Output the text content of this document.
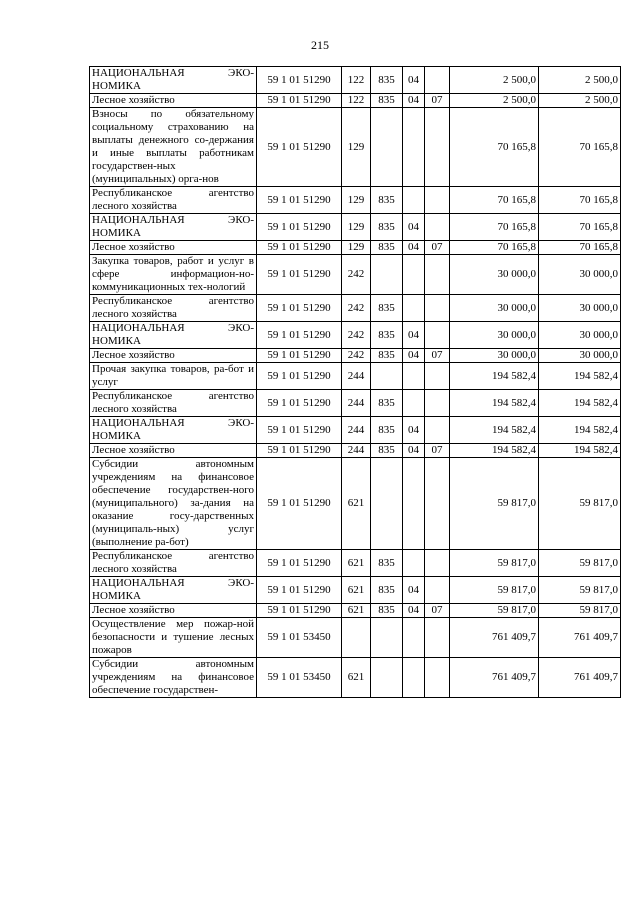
215
НАЦИОНАЛЬНАЯ ЭКО-НОМИКА	59 1 01 51290	122	835	04		2 500,0	2 500,0
Лесное хозяйство	59 1 01 51290	122	835	04	07	2 500,0	2 500,0
Взносы по обязательному социальному страхованию на выплаты денежного со-держания и иные выплаты работникам государствен-ных (муниципальных) орга-нов	59 1 01 51290	129				70 165,8	70 165,8
Республиканское агентство лесного хозяйства	59 1 01 51290	129	835			70 165,8	70 165,8
НАЦИОНАЛЬНАЯ ЭКО-НОМИКА	59 1 01 51290	129	835	04		70 165,8	70 165,8
Лесное хозяйство	59 1 01 51290	129	835	04	07	70 165,8	70 165,8
Закупка товаров, работ и услуг в сфере информацион-но-коммуникационных тех-нологий	59 1 01 51290	242				30 000,0	30 000,0
Республиканское агентство лесного хозяйства	59 1 01 51290	242	835			30 000,0	30 000,0
НАЦИОНАЛЬНАЯ ЭКО-НОМИКА	59 1 01 51290	242	835	04		30 000,0	30 000,0
Лесное хозяйство	59 1 01 51290	242	835	04	07	30 000,0	30 000,0
Прочая закупка товаров, ра-бот и услуг	59 1 01 51290	244				194 582,4	194 582,4
Республиканское агентство лесного хозяйства	59 1 01 51290	244	835			194 582,4	194 582,4
НАЦИОНАЛЬНАЯ ЭКО-НОМИКА	59 1 01 51290	244	835	04		194 582,4	194 582,4
Лесное хозяйство	59 1 01 51290	244	835	04	07	194 582,4	194 582,4
Субсидии автономным учреждениям на финансовое обеспечение государствен-ного (муниципального) за-дания на оказание госу-дарственных (муниципаль-ных) услуг (выполнение ра-бот)	59 1 01 51290	621				59 817,0	59 817,0
Республиканское агентство лесного хозяйства	59 1 01 51290	621	835			59 817,0	59 817,0
НАЦИОНАЛЬНАЯ ЭКО-НОМИКА	59 1 01 51290	621	835	04		59 817,0	59 817,0
Лесное хозяйство	59 1 01 51290	621	835	04	07	59 817,0	59 817,0
Осуществление мер пожар-ной безопасности и тушение лесных пожаров	59 1 01 53450					761 409,7	761 409,7
Субсидии автономным учреждениям на финансовое обеспечение государствен-	59 1 01 53450	621				761 409,7	761 409,7
